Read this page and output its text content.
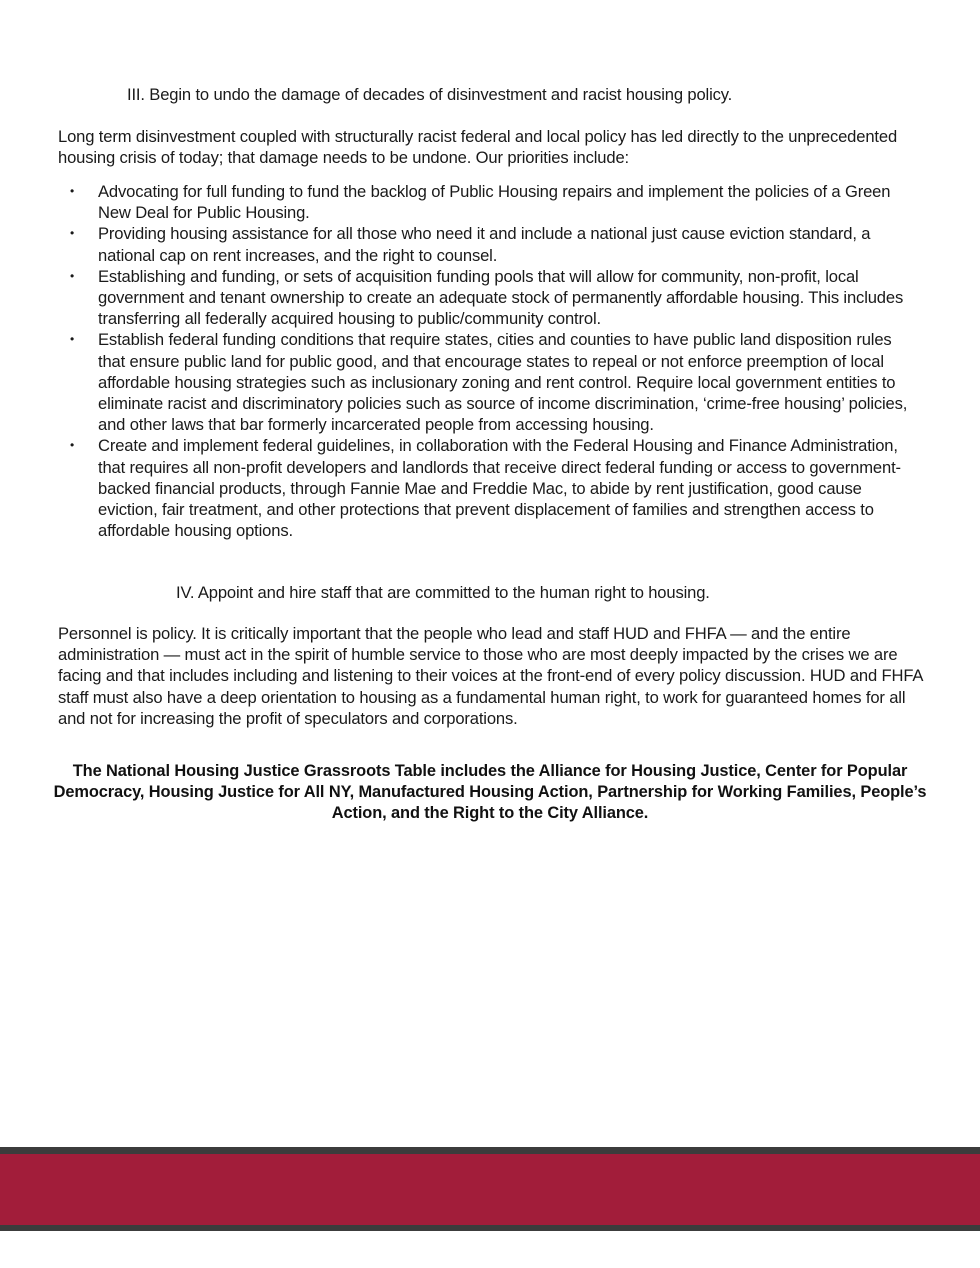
III. Begin to undo the damage of decades of disinvestment and racist housing policy.
Long term disinvestment coupled with structurally racist federal and local policy has led directly to the unprecedented housing crisis of today; that damage needs to be undone. Our priorities include:
• Advocating for full funding to fund the backlog of Public Housing repairs and implement the policies of a Green New Deal for Public Housing.
• Providing housing assistance for all those who need it and include a national just cause eviction standard, a national cap on rent increases, and the right to counsel.
• Establishing and funding, or sets of acquisition funding pools that will allow for community, non-profit, local government and tenant ownership to create an adequate stock of permanently affordable housing. This includes transferring all federally acquired housing to public/community control.
• Establish federal funding conditions that require states, cities and counties to have public land disposition rules that ensure public land for public good, and that encourage states to repeal or not enforce preemption of local affordable housing strategies such as inclusionary zoning and rent control. Require local government entities to eliminate racist and discriminatory policies such as source of income discrimination, ‘crime-free housing’ policies, and other laws that bar formerly incarcerated people from accessing housing.
• Create and implement federal guidelines, in collaboration with the Federal Housing and Finance Administration, that requires all non-profit developers and landlords that receive direct federal funding or access to government-backed financial products, through Fannie Mae and Freddie Mac, to abide by rent justification, good cause eviction, fair treatment, and other protections that prevent displacement of families and strengthen access to affordable housing options.
IV. Appoint and hire staff that are committed to the human right to housing.
Personnel is policy. It is critically important that the people who lead and staff HUD and FHFA — and the entire administration — must act in the spirit of humble service to those who are most deeply impacted by the crises we are facing and that includes including and listening to their voices at the front-end of every policy discussion. HUD and FHFA staff must also have a deep orientation to housing as a fundamental human right, to work for guaranteed homes for all and not for increasing the profit of speculators and corporations.
The National Housing Justice Grassroots Table includes the Alliance for Housing Justice, Center for Popular Democracy, Housing Justice for All NY, Manufactured Housing Action, Partnership for Working Families, People’s Action, and the Right to the City Alliance.
